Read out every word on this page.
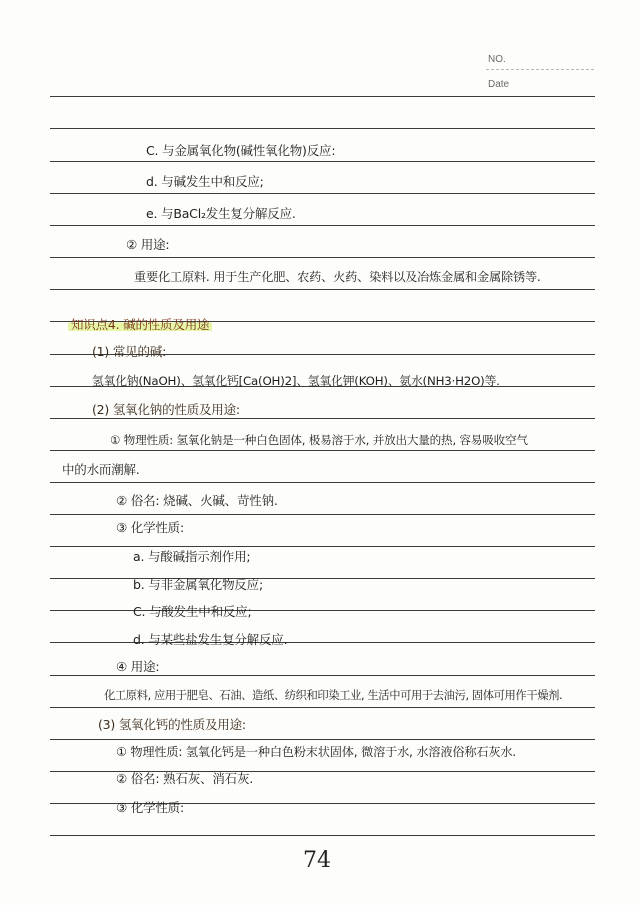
NO.
Date
C. 与金属氧化物(碱性氧化物)反应:
d. 与碱发生中和反应;
e. 与BaCl₂发生复分解反应.
② 用途:
重要化工原料. 用于生产化肥、农药、火药、染料以及冶炼金属和金属除锈等.
知识点4. 碱的性质及用途
(1) 常见的碱:
氢氧化钠(NaOH)、氢氧化钙[Ca(OH)2]、氢氧化钾(KOH)、氨水(NH3·H2O)等.
(2) 氢氧化钠的性质及用途:
① 物理性质: 氢氧化钠是一种白色固体, 极易溶于水, 并放出大量的热, 容易吸收空气
中的水而潮解.
② 俗名: 烧碱、火碱、苛性钠.
③ 化学性质:
a. 与酸碱指示剂作用;
b. 与非金属氧化物反应;
C. 与酸发生中和反应;
d. 与某些盐发生复分解反应.
④ 用途:
化工原料, 应用于肥皂、石油、造纸、纺织和印染工业, 生活中可用于去油污, 固体可用作干燥剂.
(3) 氢氧化钙的性质及用途:
① 物理性质: 氢氧化钙是一种白色粉末状固体, 微溶于水, 水溶液俗称石灰水.
② 俗名: 熟石灰、消石灰.
③ 化学性质:
74
